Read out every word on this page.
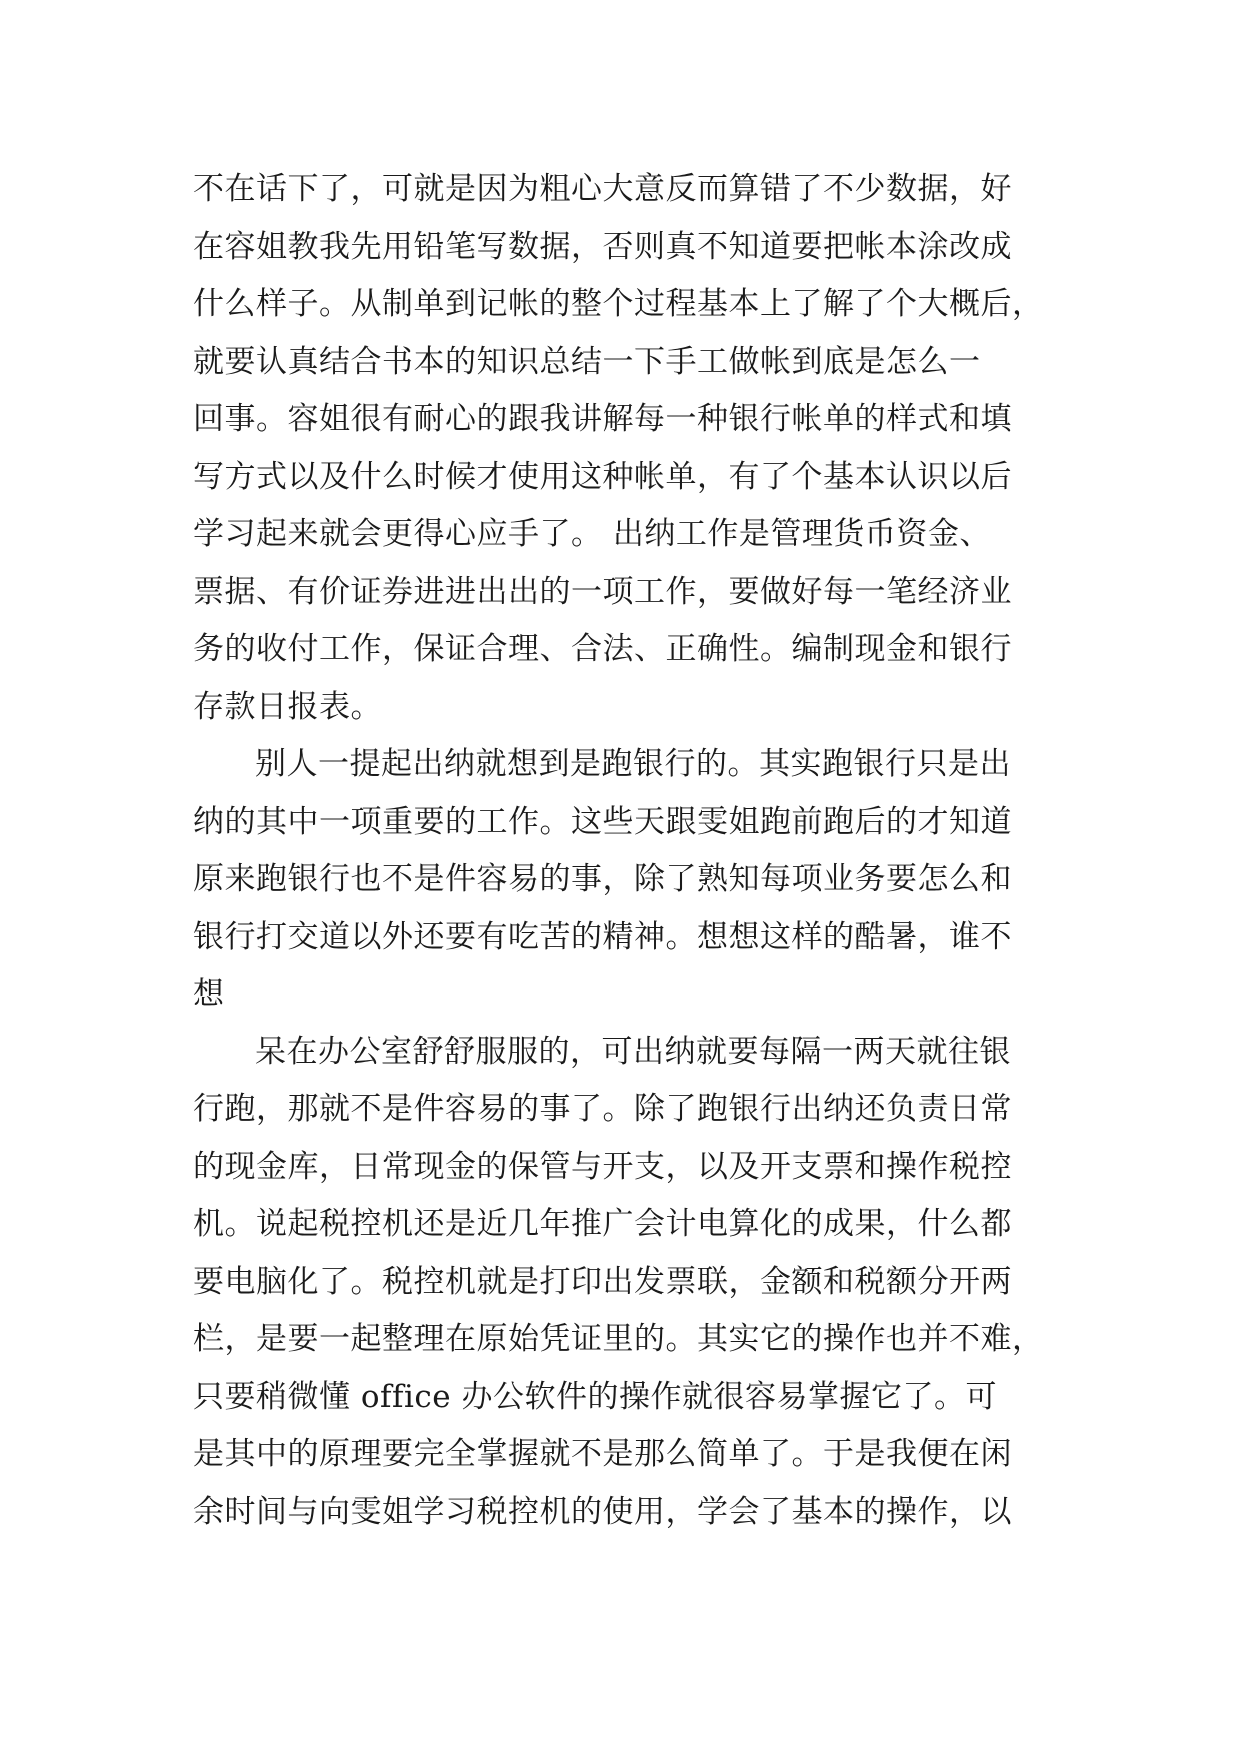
不在话下了，可就是因为粗心大意反而算错了不少数据，好
在容姐教我先用铅笔写数据，否则真不知道要把帐本涂改成
什么样子。从制单到记帐的整个过程基本上了解了个大概后，
就要认真结合书本的知识总结一下手工做帐到底是怎么一
回事。容姐很有耐心的跟我讲解每一种银行帐单的样式和填
写方式以及什么时候才使用这种帐单，有了个基本认识以后
学习起来就会更得心应手了。 出纳工作是管理货币资金、
票据、有价证券进进出出的一项工作，要做好每一笔经济业
务的收付工作，保证合理、合法、正确性。编制现金和银行
存款日报表。
别人一提起出纳就想到是跑银行的。其实跑银行只是出
纳的其中一项重要的工作。这些天跟雯姐跑前跑后的才知道
原来跑银行也不是件容易的事，除了熟知每项业务要怎么和
银行打交道以外还要有吃苦的精神。想想这样的酷暑，谁不
想
呆在办公室舒舒服服的，可出纳就要每隔一两天就往银
行跑，那就不是件容易的事了。除了跑银行出纳还负责日常
的现金库，日常现金的保管与开支，以及开支票和操作税控
机。说起税控机还是近几年推广会计电算化的成果，什么都
要电脑化了。税控机就是打印出发票联，金额和税额分开两
栏，是要一起整理在原始凭证里的。其实它的操作也并不难，
只要稍微懂 office 办公软件的操作就很容易掌握它了。可
是其中的原理要完全掌握就不是那么简单了。于是我便在闲
余时间与向雯姐学习税控机的使用，学会了基本的操作，以
